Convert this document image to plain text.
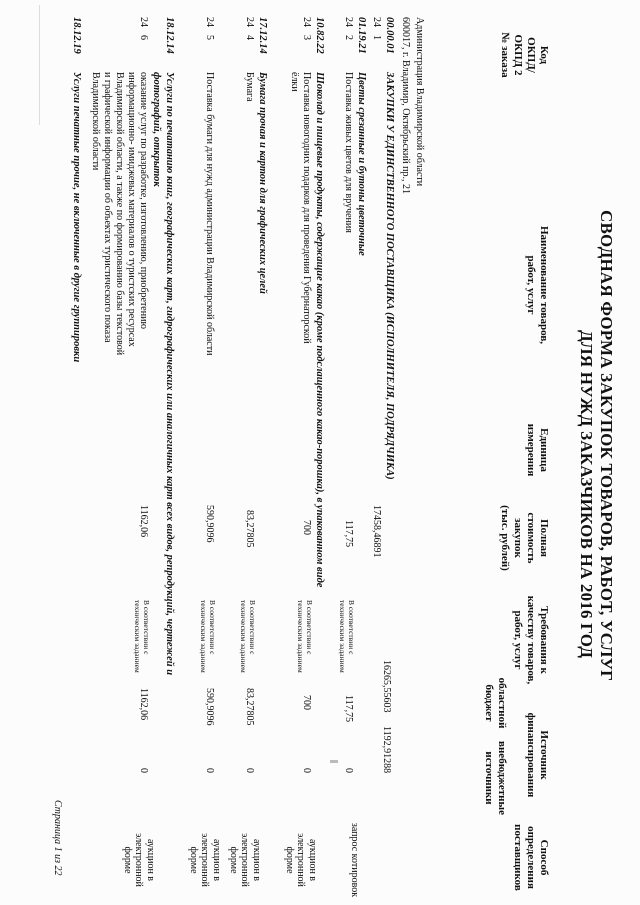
СВОДНАЯ ФОРМА ЗАКУПОК ТОВАРОВ, РАБОТ, УСЛУГ
ДЛЯ НУЖД ЗАКАЗЧИКОВ НА 2016 ГОД
Код
ОКПД/
ОКПД 2
№ заказа
Наименование товаров,
работ, услуг
Единица
измерения
Полная
стоимость
закупок
(тыс. рублей)
Требования к
качеству товаров,
работ, услуг
Источник
финансирования
областной
бюджет
внебюджетные
источники
Способ
определения
поставщиков
Администрация Владимирской области
600017, г. Владимир, Октябрьский пр., 21
00.00.01
ЗАКУПКИ У ЕДИНСТВЕННОГО ПОСТАВЩИКА (ИСПОЛНИТЕЛЯ, ПОДРЯДЧИКА)
24
1
17458,46891
16265,55603
1192,91288
01.19.21
Цветы срезанные и бутоны цветочные
24
2
Поставка живых цветов для вручения
117,75
В соответствии с техническим заданием
117,75
0
запрос котировок
10.82.22
Шоколад и пищевые продукты, содержащие какао (кроме подслащенного какао-порошка), в упакованном виде
24
3
Поставка новогодних подарков для проведения Губернаторской
ёлки
700
В соответствии с техническим заданием
700
0
аукцион в электронной форме
17.12.14
Бумага прочая и картон для графических целей
24
4
Бумага
83,27805
В соответствии с техническим заданием
83,27805
0
аукцион в электронной форме
24
5
Поставка бумаги для нужд администрации Владимирской области
590,9096
В соответствии с техническим заданием
590,9096
0
аукцион в электронной форме
18.12.14
Услуги по печатанию книг, географических карт, гидрографических или аналогичных карт всех видов, репродукций, чертежей и
фотографий, открыток
24
6
оказание услуг по разработке, изготовлению, приобретению
информационно- имиджевых материалов о туристских ресурсах
Владимирской области, а также по формированию базы текстовой
и графической информации об объектах туристического показа
Владимирской области
1162,06
В соответствии с техническим заданием
1162,06
0
аукцион в электронной форме
18.12.19
Услуги печатные прочие, не включенные в другие группировки
Страница 1 из 22
